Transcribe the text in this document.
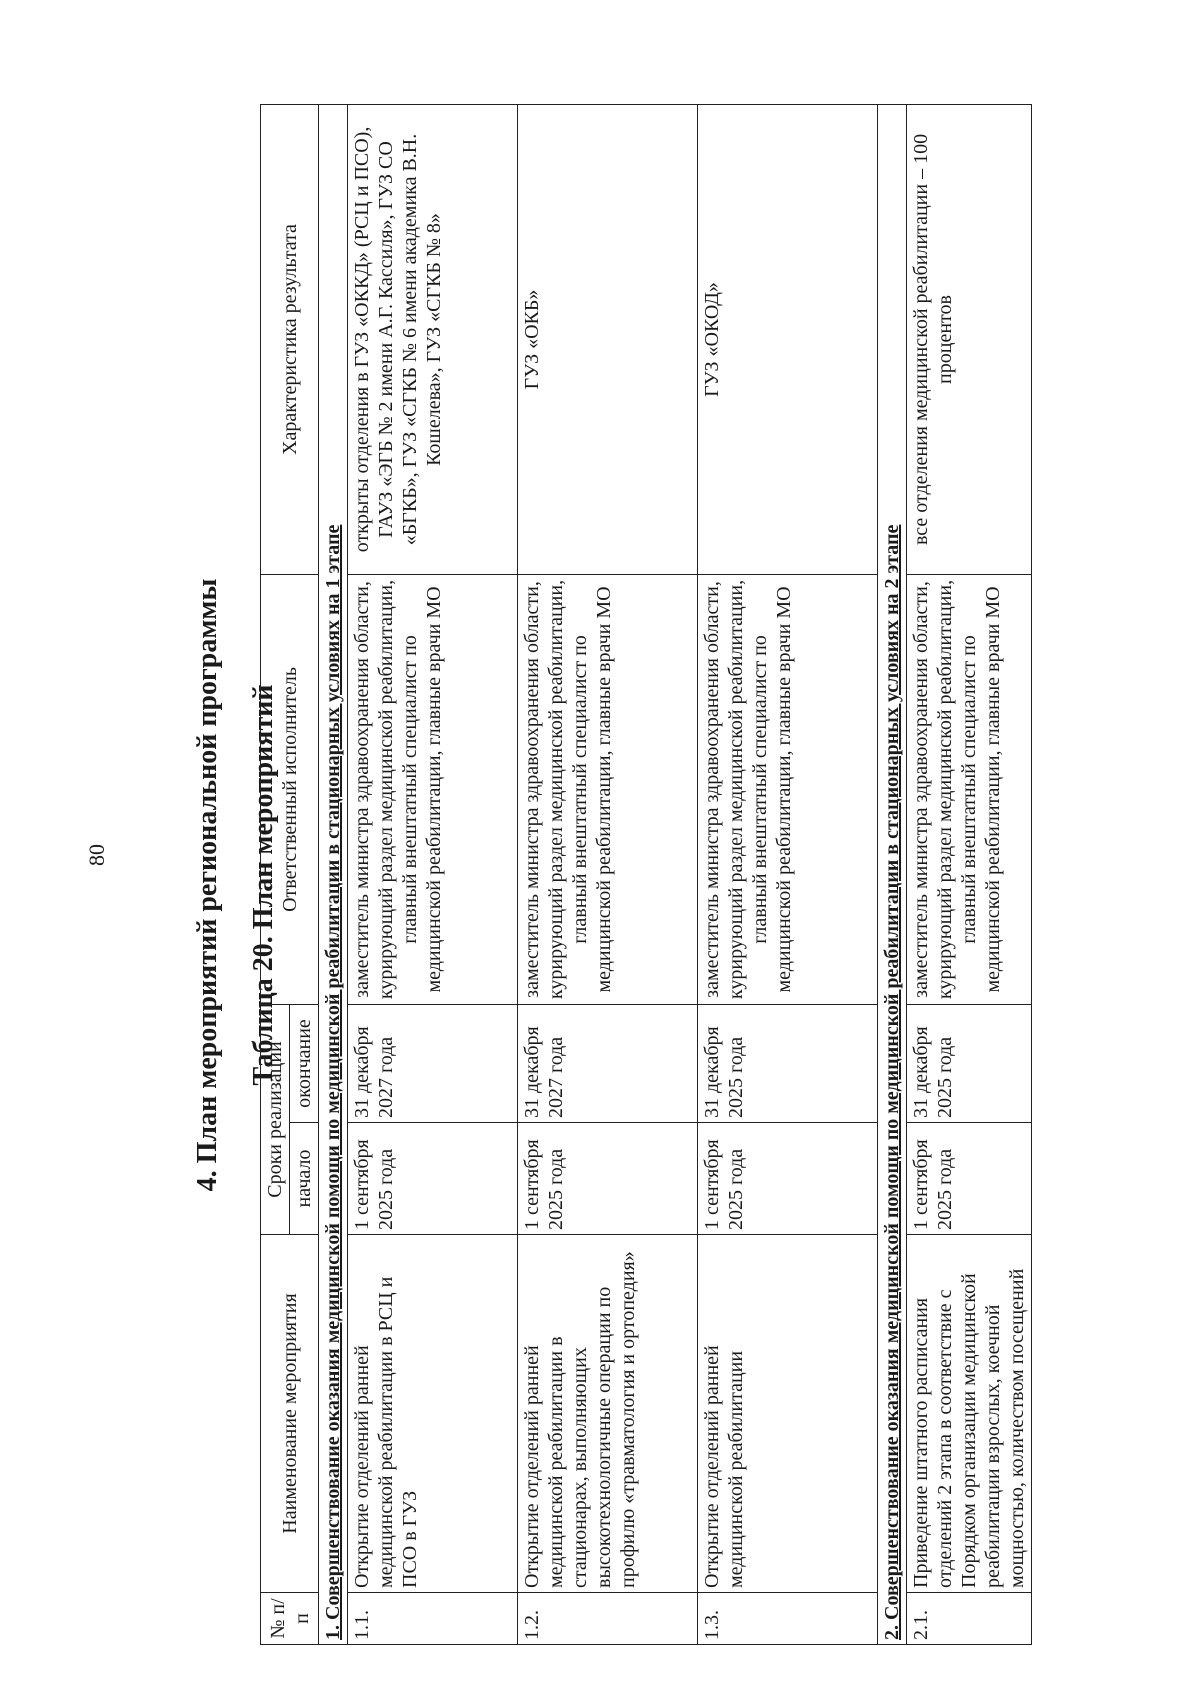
80	4. План мероприятий региональной программы Таблица 20. План мероприятий
№ п/п	Наименование мероприятия	Сроки реализации		Ответственный исполнитель	Характеристика результата
		начало	окончание		
1. Совершенствование оказания медицинской помощи по медицинской реабилитации в стационарных условиях на 1 этапе					
1.1.	Открытие отделений ранней медицинской реабилитации в РСЦ и ПСО в ГУЗ	1 сентября 2025 года	31 декабря 2027 года	заместитель министра здравоохранения области, курирующий раздел медицинской реабилитации, главный внештатный специалист по медицинской реабилитации, главные врачи МО	открыты отделения в ГУЗ «ОККД» (РСЦ и ПСО), ГАУЗ «ЭГБ № 2 имени А.Г. Кассиля», ГУЗ СО «БГКБ», ГУЗ «СГКБ № 6 имени академика В.Н. Кошелева», ГУЗ «СГКБ № 8»
1.2.	Открытие отделений ранней медицинской реабилитации в стационарах, выполняющих высокотехнологичные операции по профилю «травматология и ортопедия»	1 сентября 2025 года	31 декабря 2027 года	заместитель министра здравоохранения области, курирующий раздел медицинской реабилитации, главный внештатный специалист по медицинской реабилитации, главные врачи МО	ГУЗ «ОКБ»
1.3.	Открытие отделений ранней медицинской реабилитации	1 сентября 2025 года	31 декабря 2025 года	заместитель министра здравоохранения области, курирующий раздел медицинской реабилитации, главный внештатный специалист по медицинской реабилитации, главные врачи МО	ГУЗ «ОКОД»
2. Совершенствование оказания медицинской помощи по медицинской реабилитации в стационарных условиях на 2 этапе					
2.1.	Приведение штатного расписания отделений 2 этапа в соответствие с Порядком организации медицинской реабилитации взрослых, коечной мощностью, количеством посещений	1 сентября 2025 года	31 декабря 2025 года	заместитель министра здравоохранения области, курирующий раздел медицинской реабилитации, главный внештатный специалист по медицинской реабилитации, главные врачи МО	все отделения медицинской реабилитации – 100 процентов
